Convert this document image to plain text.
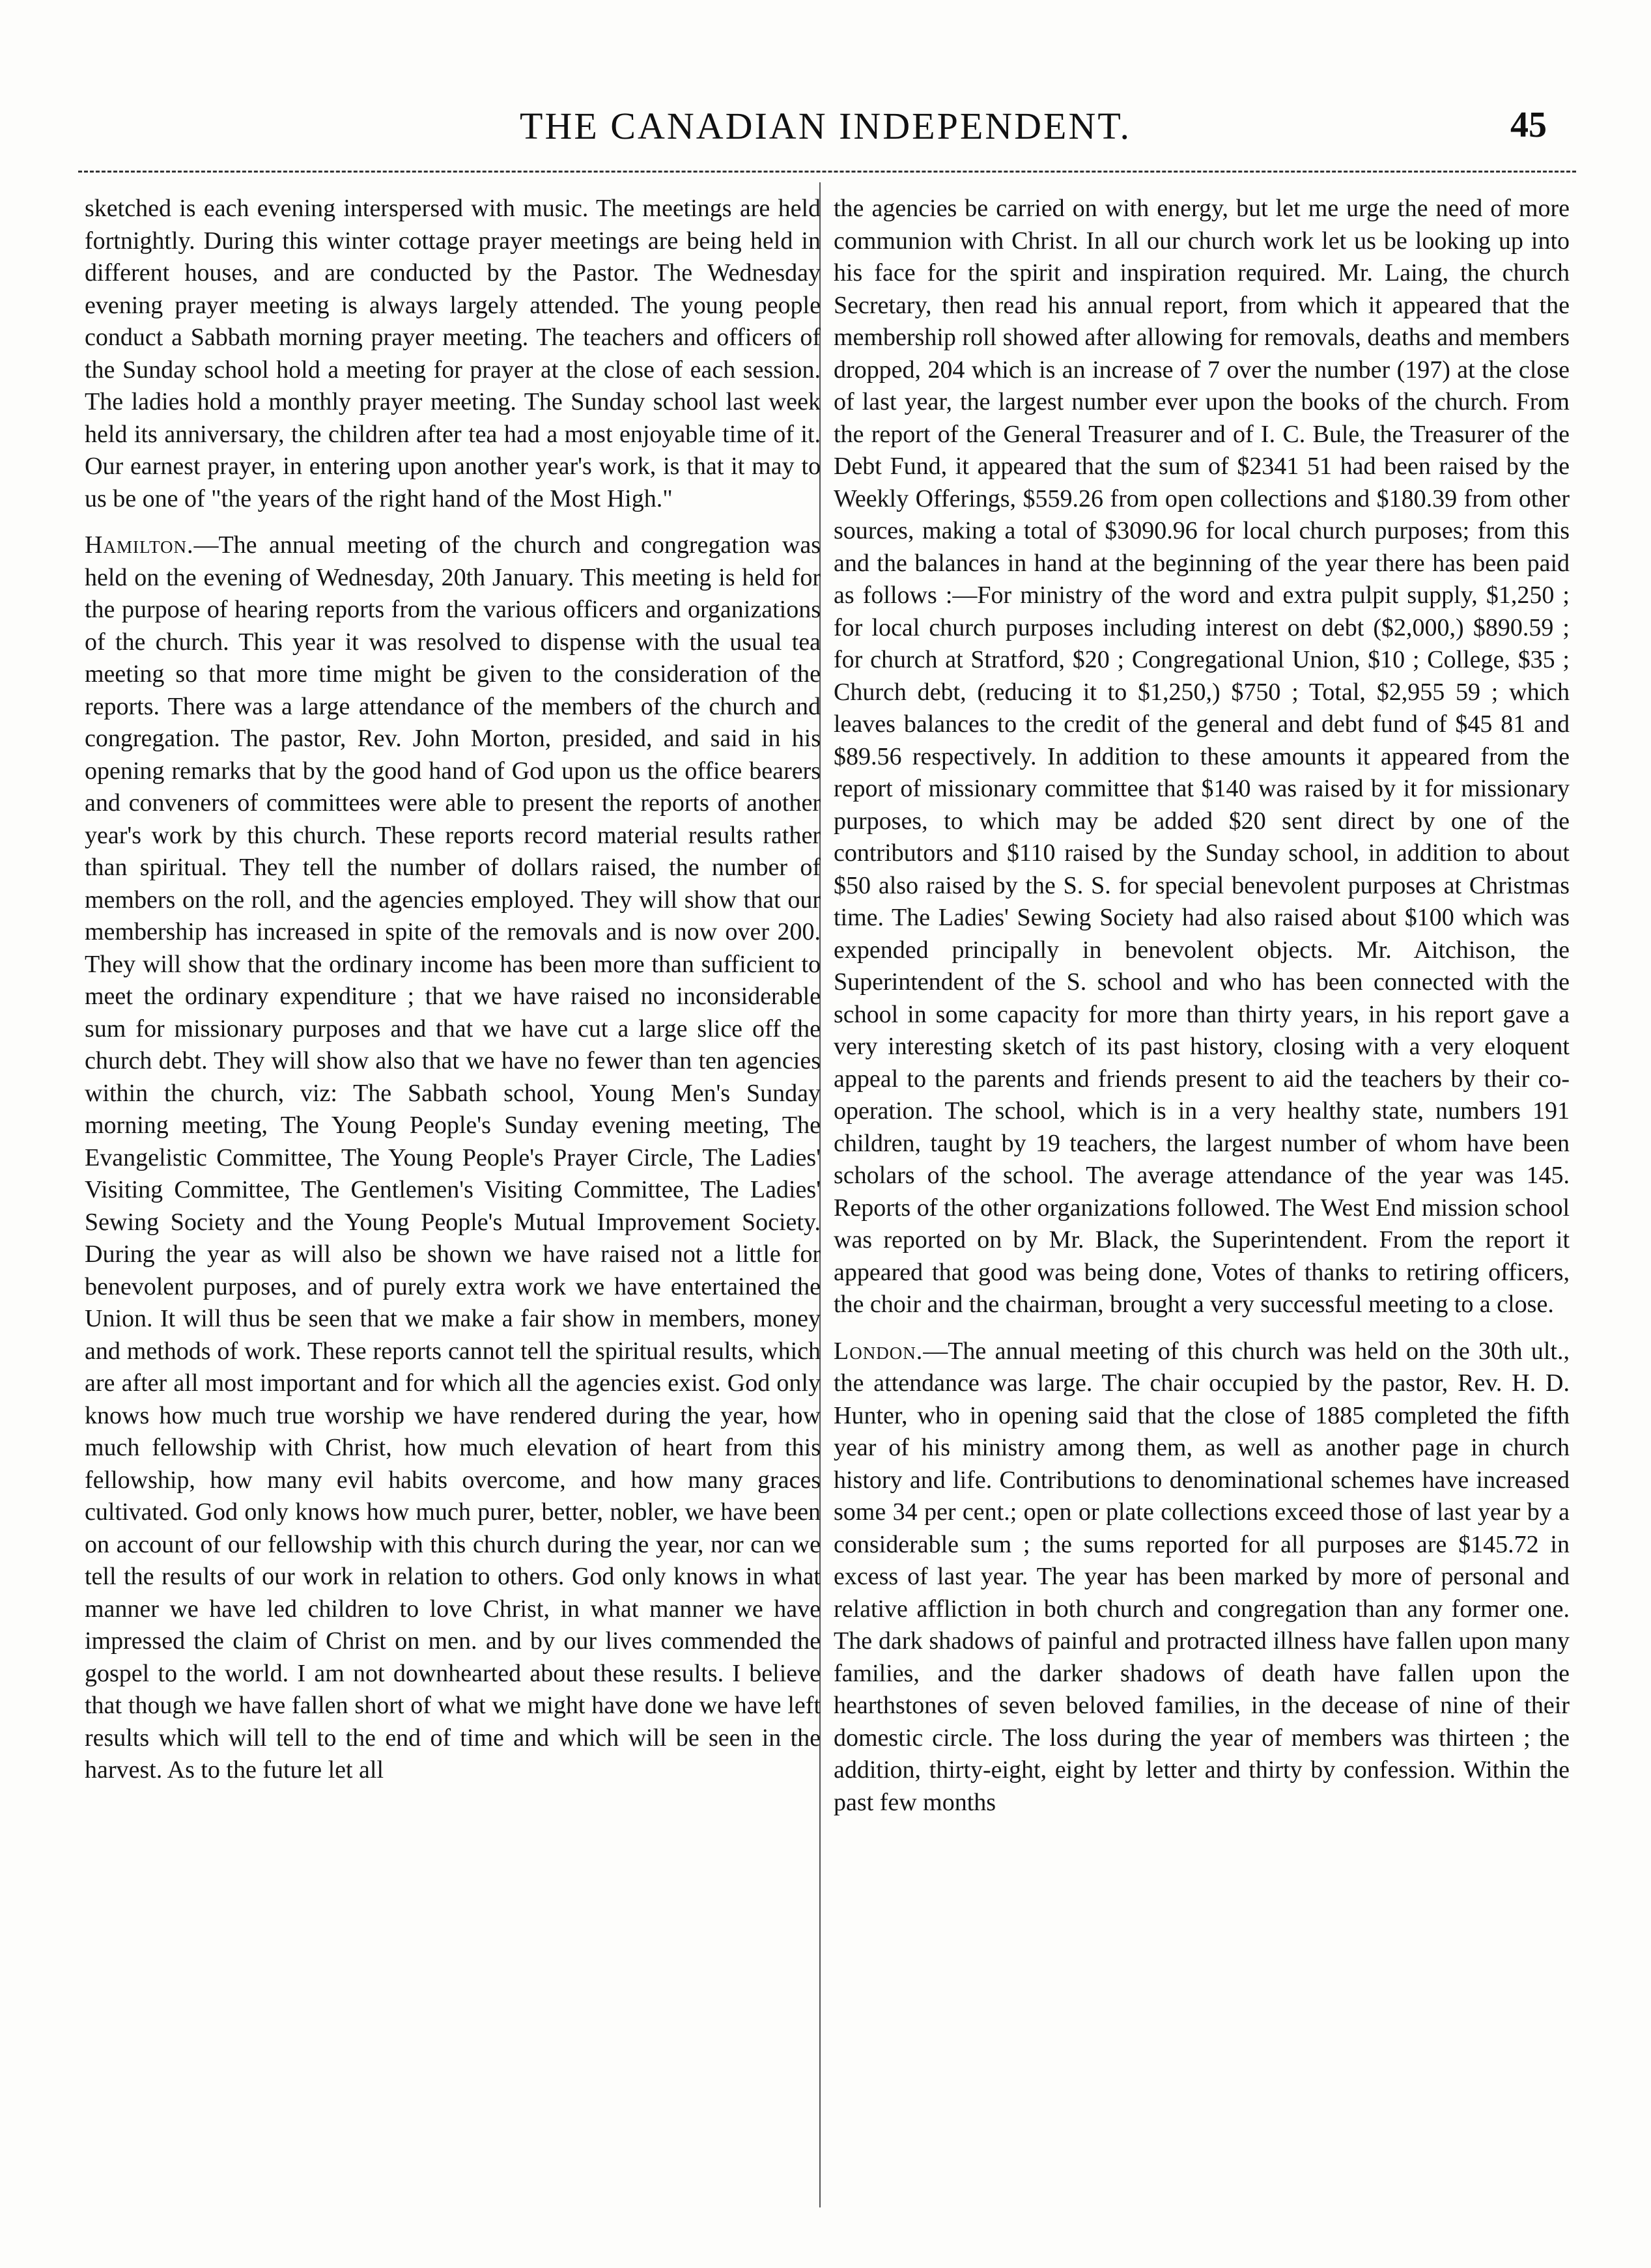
THE CANADIAN INDEPENDENT.	45

sketched is each evening interspersed with music. The meetings are held fortnightly. During this winter cottage prayer meetings are being held in different houses, and are conducted by the Pastor. The Wednesday evening prayer meeting is always largely attended. The young people conduct a Sabbath morning prayer meeting. The teachers and officers of the Sunday school hold a meeting for prayer at the close of each session. The ladies hold a monthly prayer meeting. The Sunday school last week held its anniversary, the children after tea had a most enjoyable time of it. Our earnest prayer, in entering upon another year's work, is that it may to us be one of "the years of the right hand of the Most High."

Hamilton.—The annual meeting of the church and congregation was held on the evening of Wednesday, 20th January. This meeting is held for the purpose of hearing reports from the various officers and organizations of the church. This year it was resolved to dispense with the usual tea meeting so that more time might be given to the consideration of the reports. There was a large attendance of the members of the church and congregation. The pastor, Rev. John Morton, presided, and said in his opening remarks that by the good hand of God upon us the office bearers and conveners of committees were able to present the reports of another year's work by this church. These reports record material results rather than spiritual. They tell the number of dollars raised, the number of members on the roll, and the agencies employed. They will show that our membership has increased in spite of the removals and is now over 200. They will show that the ordinary income has been more than sufficient to meet the ordinary expenditure ; that we have raised no inconsiderable sum for missionary purposes and that we have cut a large slice off the church debt. They will show also that we have no fewer than ten agencies within the church, viz: The Sabbath school, Young Men's Sunday morning meeting, The Young People's Sunday evening meeting, The Evangelistic Committee, The Young People's Prayer Circle, The Ladies' Visiting Committee, The Gentlemen's Visiting Committee, The Ladies' Sewing Society and the Young People's Mutual Improvement Society. During the year as will also be shown we have raised not a little for benevolent purposes, and of purely extra work we have entertained the Union. It will thus be seen that we make a fair show in members, money and methods of work. These reports cannot tell the spiritual results, which are after all most important and for which all the agencies exist. God only knows how much true worship we have rendered during the year, how much fellowship with Christ, how much elevation of heart from this fellowship, how many evil habits overcome, and how many graces cultivated. God only knows how much purer, better, nobler, we have been on account of our fellowship with this church during the year, nor can we tell the results of our work in relation to others. God only knows in what manner we have led children to love Christ, in what manner we have impressed the claim of Christ on men. and by our lives commended the gospel to the world. I am not downhearted about these results. I believe that though we have fallen short of what we might have done we have left results which will tell to the end of time and which will be seen in the harvest. As to the future let all

the agencies be carried on with energy, but let me urge the need of more communion with Christ. In all our church work let us be looking up into his face for the spirit and inspiration required. Mr. Laing, the church Secretary, then read his annual report, from which it appeared that the membership roll showed after allowing for removals, deaths and members dropped, 204 which is an increase of 7 over the number (197) at the close of last year, the largest number ever upon the books of the church. From the report of the General Treasurer and of I. C. Bule, the Treasurer of the Debt Fund, it appeared that the sum of $2341 51 had been raised by the Weekly Offerings, $559.26 from open collections and $180.39 from other sources, making a total of $3090.96 for local church purposes; from this and the balances in hand at the beginning of the year there has been paid as follows :—For ministry of the word and extra pulpit supply, $1,250 ; for local church purposes including interest on debt ($2,000,) $890.59 ; for church at Stratford, $20 ; Congregational Union, $10 ; College, $35 ; Church debt, (reducing it to $1,250,) $750 ; Total, $2,955 59 ; which leaves balances to the credit of the general and debt fund of $45 81 and $89.56 respectively. In addition to these amounts it appeared from the report of missionary committee that $140 was raised by it for missionary purposes, to which may be added $20 sent direct by one of the contributors and $110 raised by the Sunday school, in addition to about $50 also raised by the S. S. for special benevolent purposes at Christmas time. The Ladies' Sewing Society had also raised about $100 which was expended principally in benevolent objects. Mr. Aitchison, the Superintendent of the S. school and who has been connected with the school in some capacity for more than thirty years, in his report gave a very interesting sketch of its past history, closing with a very eloquent appeal to the parents and friends present to aid the teachers by their co-operation. The school, which is in a very healthy state, numbers 191 children, taught by 19 teachers, the largest number of whom have been scholars of the school. The average attendance of the year was 145. Reports of the other organizations followed. The West End mission school was reported on by Mr. Black, the Superintendent. From the report it appeared that good was being done, Votes of thanks to retiring officers, the choir and the chairman, brought a very successful meeting to a close.

London.—The annual meeting of this church was held on the 30th ult., the attendance was large. The chair occupied by the pastor, Rev. H. D. Hunter, who in opening said that the close of 1885 completed the fifth year of his ministry among them, as well as another page in church history and life. Contributions to denominational schemes have increased some 34 per cent.; open or plate collections exceed those of last year by a considerable sum ; the sums reported for all purposes are $145.72 in excess of last year. The year has been marked by more of personal and relative affliction in both church and congregation than any former one. The dark shadows of painful and protracted illness have fallen upon many families, and the darker shadows of death have fallen upon the hearthstones of seven beloved families, in the decease of nine of their domestic circle. The loss during the year of members was thirteen ; the addition, thirty-eight, eight by letter and thirty by confession. Within the past few months
